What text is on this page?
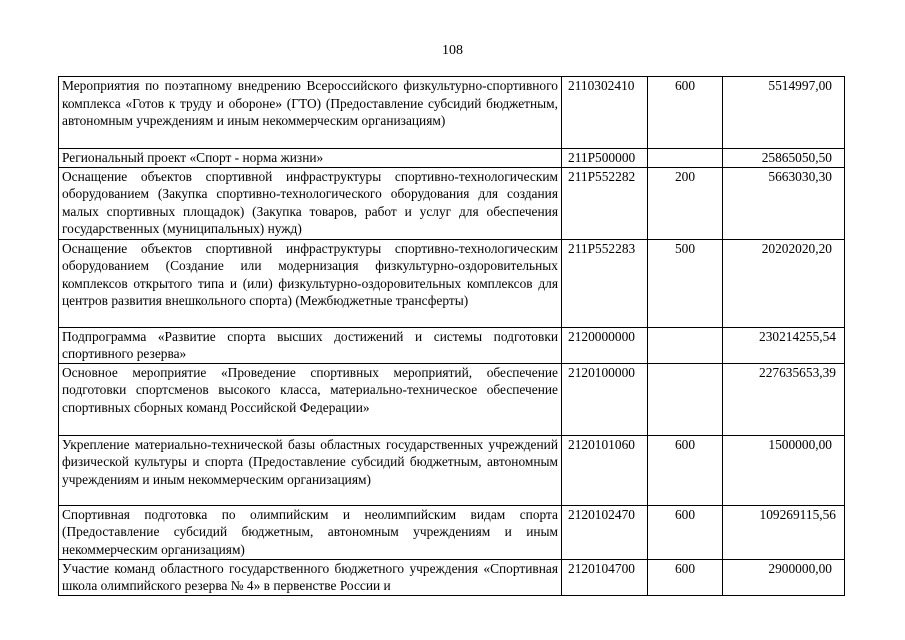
108
Мероприятия по поэтапному внедрению Всероссийского физкультурно-спортивного комплекса «Готов к труду и обороне» (ГТО) (Предоставление субсидий бюджетным, автономным учреждениям и иным некоммерческим организациям)	2110302410	600	5514997,00
Региональный проект «Спорт - норма жизни»	211P500000		25865050,50
Оснащение объектов спортивной инфраструктуры спортивно-технологическим оборудованием (Закупка спортивно-технологического оборудования для создания малых спортивных площадок) (Закупка товаров, работ и услуг для обеспечения государственных (муниципальных) нужд)	211P552282	200	5663030,30
Оснащение объектов спортивной инфраструктуры спортивно-технологическим оборудованием (Создание или модернизация физкультурно-оздоровительных комплексов открытого типа и (или) физкультурно-оздоровительных комплексов для центров развития внешкольного спорта) (Межбюджетные трансферты)	211P552283	500	20202020,20
Подпрограмма «Развитие спорта высших достижений и системы подготовки спортивного резерва»	2120000000		230214255,54
Основное мероприятие «Проведение спортивных мероприятий, обеспечение подготовки спортсменов высокого класса, материально-техническое обеспечение спортивных сборных команд Российской Федерации»	2120100000		227635653,39
Укрепление материально-технической базы областных государственных учреждений физической культуры и спорта (Предоставление субсидий бюджетным, автономным учреждениям и иным некоммерческим организациям)	2120101060	600	1500000,00
Спортивная подготовка по олимпийским и неолимпийским видам спорта (Предоставление субсидий бюджетным, автономным учреждениям и иным некоммерческим организациям)	2120102470	600	109269115,56
Участие команд областного государственного бюджетного учреждения «Спортивная школа олимпийского резерва № 4» в первенстве России и	2120104700	600	2900000,00
